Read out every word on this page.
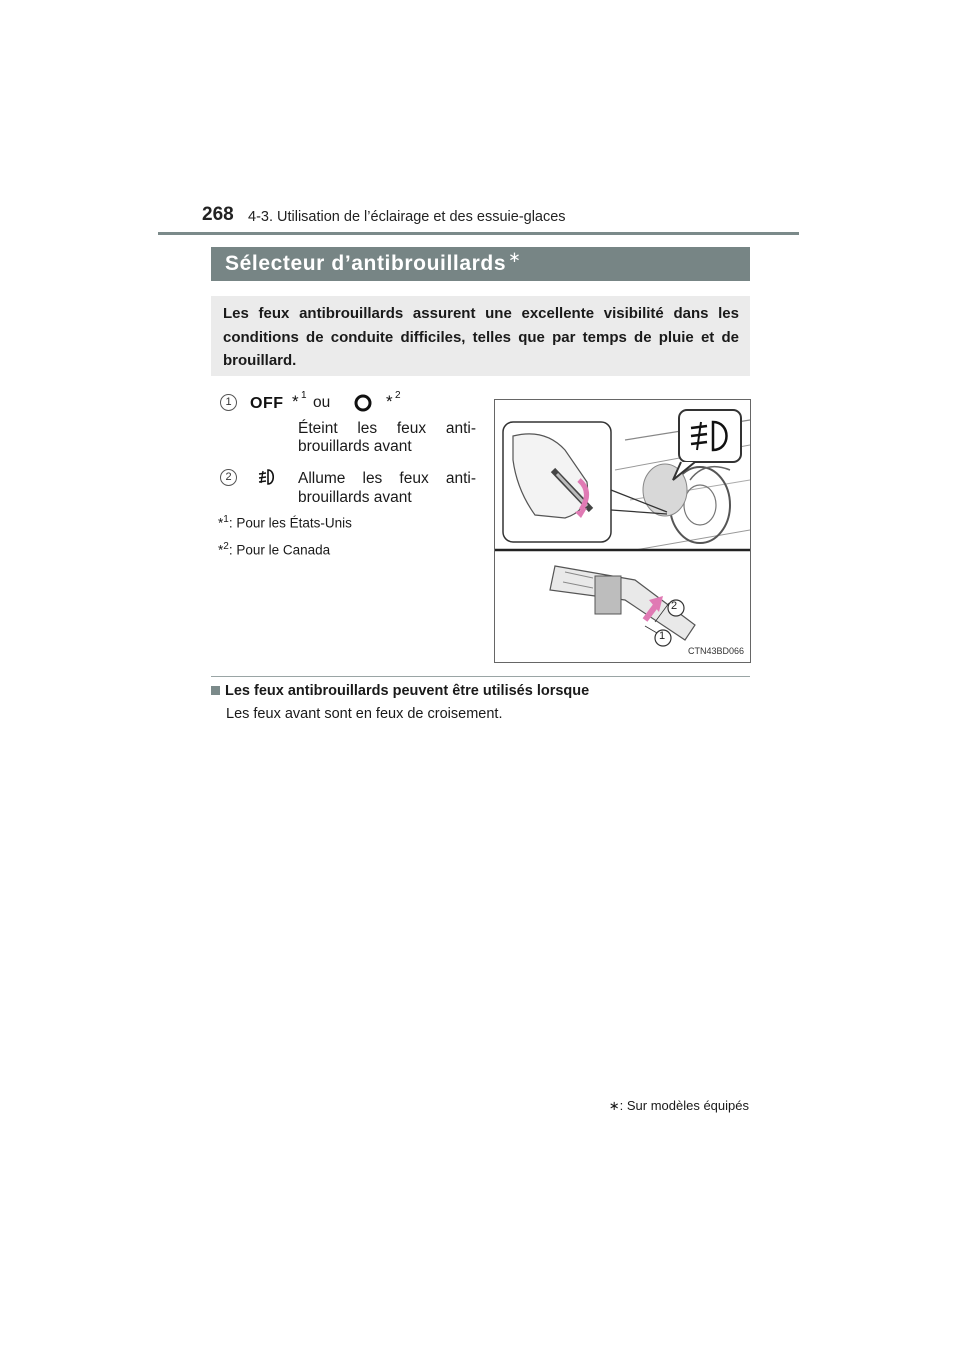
268 4-3. Utilisation de l’éclairage et des essuie-glaces
Sélecteur d’antibrouillards ∗
Les feux antibrouillards assurent une excellente visibilité dans les conditions de conduite difficiles, telles que par temps de pluie et de brouillard.
1	OFF * 1 ou	* 2
Éteint les feux anti-
brouillards avant
2	Allume les feux anti-
brouillards avant
*$^1$: Pour les États-Unis
*$^2$: Pour le Canada
2
1
CTN43BD066
Les feux antibrouillards peuvent être utilisés lorsque
Les feux avant sont en feux de croisement.
∗: Sur modèles équipés
